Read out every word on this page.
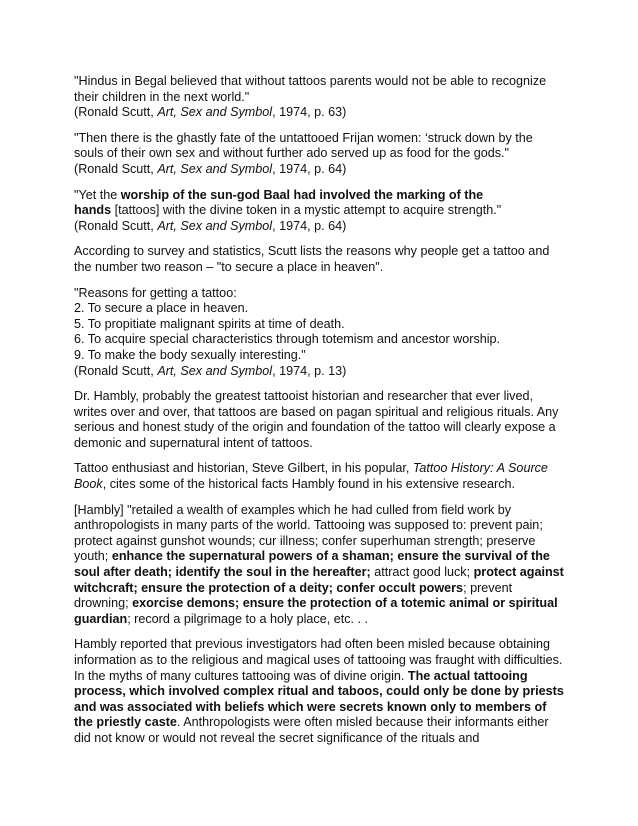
"Hindus in Begal believed that without tattoos parents would not be able to recognize
their children in the next world."
(Ronald Scutt, Art, Sex and Symbol, 1974, p. 63)

"Then there is the ghastly fate of the untattooed Frijan women: ‘struck down by the
souls of their own sex and without further ado served up as food for the gods."
(Ronald Scutt, Art, Sex and Symbol, 1974, p. 64)

"Yet the worship of the sun-god Baal had involved the marking of the
hands [tattoos] with the divine token in a mystic attempt to acquire strength."
(Ronald Scutt, Art, Sex and Symbol, 1974, p. 64)

According to survey and statistics, Scutt lists the reasons why people get a tattoo and
the number two reason – "to secure a place in heaven".

"Reasons for getting a tattoo:
2. To secure a place in heaven.
5. To propitiate malignant spirits at time of death.
6. To acquire special characteristics through totemism and ancestor worship.
9. To make the body sexually interesting."
(Ronald Scutt, Art, Sex and Symbol, 1974, p. 13)

Dr. Hambly, probably the greatest tattooist historian and researcher that ever lived,
writes over and over, that tattoos are based on pagan spiritual and religious rituals. Any
serious and honest study of the origin and foundation of the tattoo will clearly expose a
demonic and supernatural intent of tattoos.

Tattoo enthusiast and historian, Steve Gilbert, in his popular, Tattoo History: A Source
Book, cites some of the historical facts Hambly found in his extensive research.

[Hambly] "retailed a wealth of examples which he had culled from field work by
anthropologists in many parts of the world. Tattooing was supposed to: prevent pain;
protect against gunshot wounds; cur illness; confer superhuman strength; preserve
youth; enhance the supernatural powers of a shaman; ensure the survival of the
soul after death; identify the soul in the hereafter; attract good luck; protect against
witchcraft; ensure the protection of a deity; confer occult powers; prevent
drowning; exorcise demons; ensure the protection of a totemic animal or spiritual
guardian; record a pilgrimage to a holy place, etc. . .

Hambly reported that previous investigators had often been misled because obtaining
information as to the religious and magical uses of tattooing was fraught with difficulties.
In the myths of many cultures tattooing was of divine origin. The actual tattooing
process, which involved complex ritual and taboos, could only be done by priests
and was associated with beliefs which were secrets known only to members of
the priestly caste. Anthropologists were often misled because their informants either
did not know or would not reveal the secret significance of the rituals and
